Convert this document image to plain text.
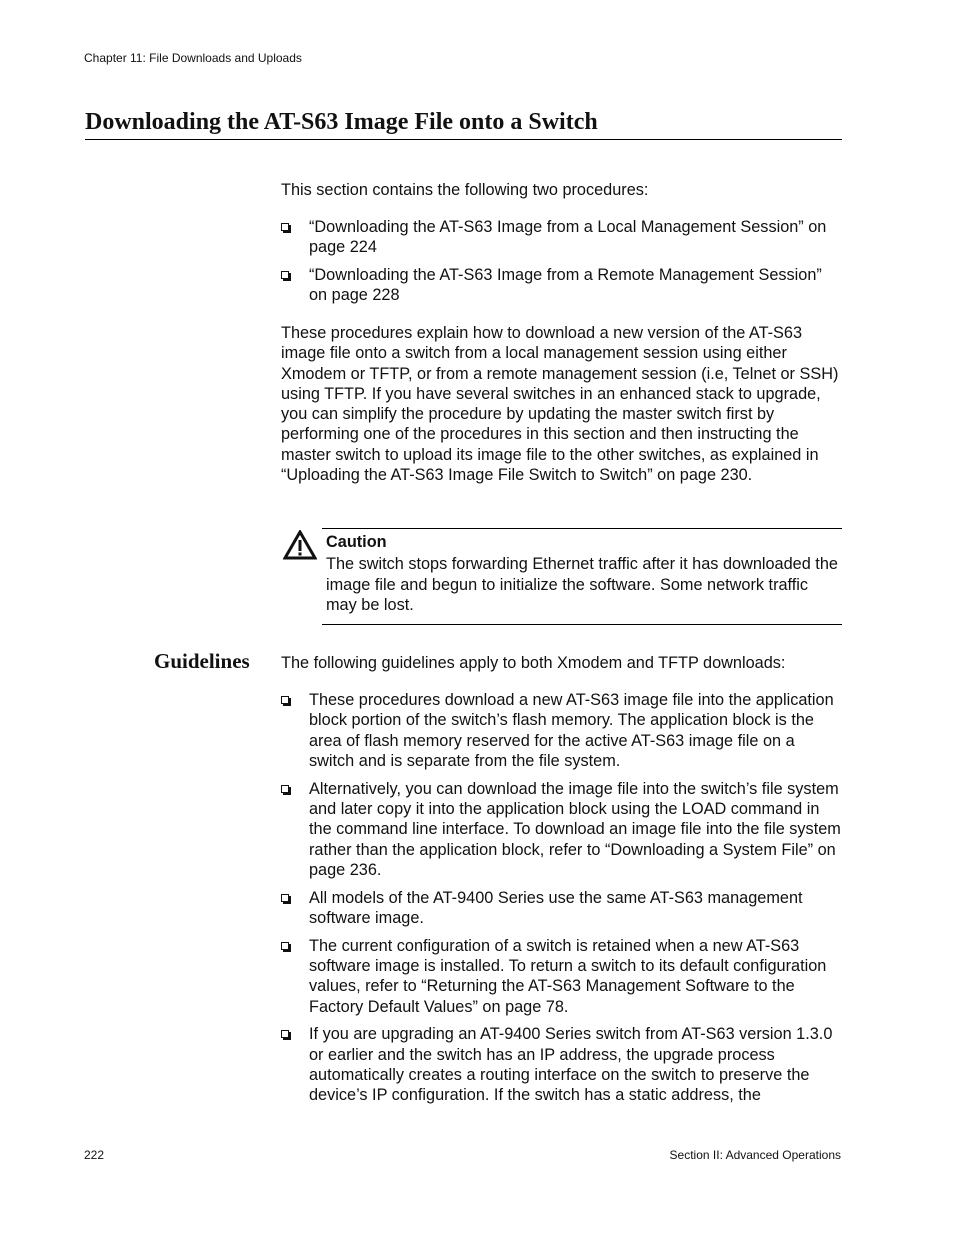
Chapter 11: File Downloads and Uploads
Downloading the AT-S63 Image File onto a Switch

This section contains the following two procedures:

“Downloading the AT-S63 Image from a Local Management Session” on page 224
“Downloading the AT-S63 Image from a Remote Management Session” on page 228

These procedures explain how to download a new version of the AT-S63 image file onto a switch from a local management session using either Xmodem or TFTP, or from a remote management session (i.e, Telnet or SSH) using TFTP. If you have several switches in an enhanced stack to upgrade, you can simplify the procedure by updating the master switch first by performing one of the procedures in this section and then instructing the master switch to upload its image file to the other switches, as explained in “Uploading the AT-S63 Image File Switch to Switch” on page 230.

Caution
The switch stops forwarding Ethernet traffic after it has downloaded the image file and begun to initialize the software. Some network traffic may be lost.
Guidelines The following guidelines apply to both Xmodem and TFTP downloads:

These procedures download a new AT-S63 image file into the application block portion of the switch’s flash memory. The application block is the area of flash memory reserved for the active AT-S63 image file on a switch and is separate from the file system.
Alternatively, you can download the image file into the switch’s file system and later copy it into the application block using the LOAD command in the command line interface. To download an image file into the file system rather than the application block, refer to “Downloading a System File” on page 236.
All models of the AT-9400 Series use the same AT-S63 management software image.
The current configuration of a switch is retained when a new AT-S63 software image is installed. To return a switch to its default configuration values, refer to “Returning the AT-S63 Management Software to the Factory Default Values” on page 78.
If you are upgrading an AT-9400 Series switch from AT-S63 version 1.3.0 or earlier and the switch has an IP address, the upgrade process automatically creates a routing interface on the switch to preserve the device’s IP configuration. If the switch has a static address, the
222	Section II: Advanced Operations
